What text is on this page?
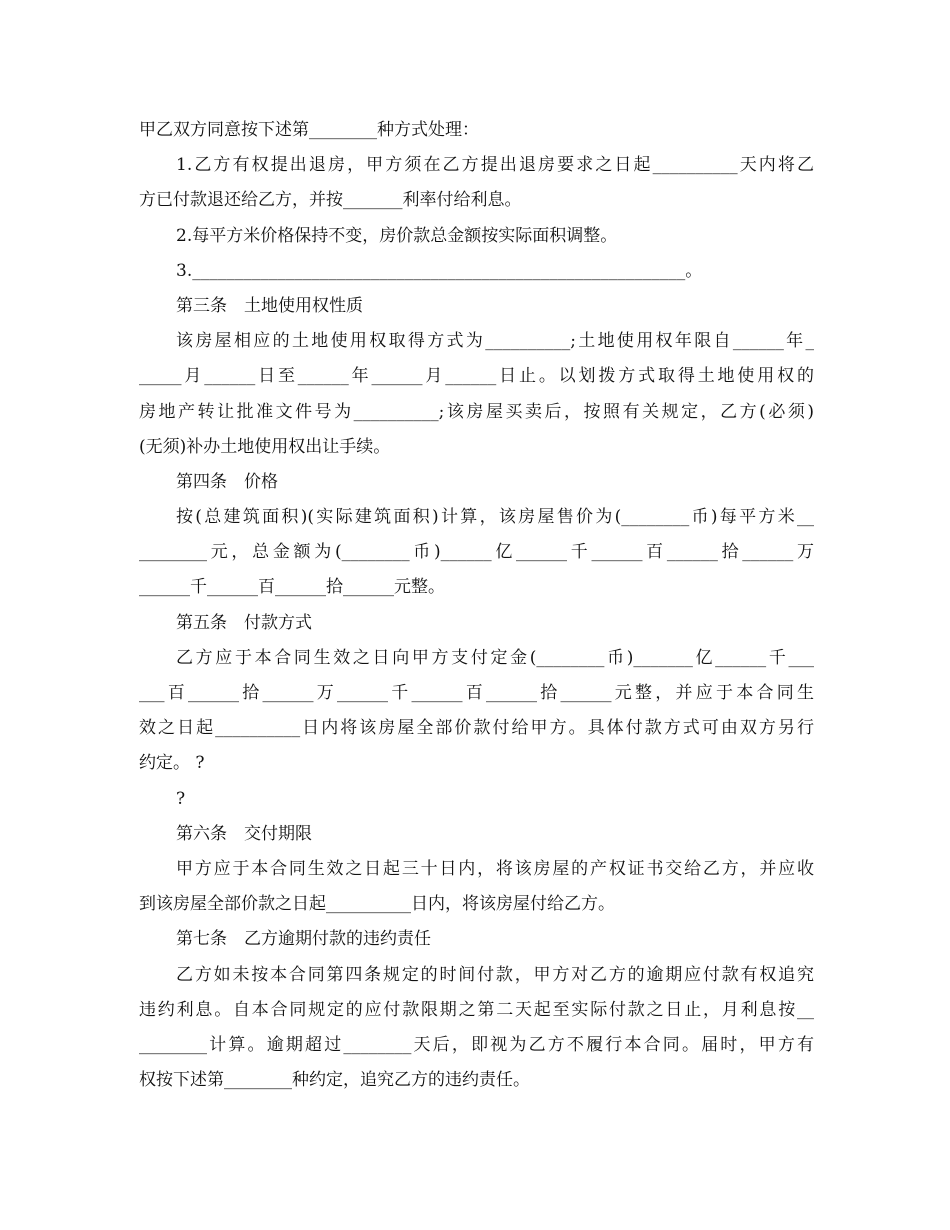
甲乙双方同意按下述第________种方式处理：
1.乙方有权提出退房，甲方须在乙方提出退房要求之日起__________天内将乙
方已付款退还给乙方，并按_______利率付给利息。
2.每平方米价格保持不变，房价款总金额按实际面积调整。
3.__________________________________________________________。
第三条　土地使用权性质
该房屋相应的土地使用权取得方式为__________;土地使用权年限自______年_
_____月______日至______年______月______日止。以划拨方式取得土地使用权的
房地产转让批准文件号为__________;该房屋买卖后，按照有关规定，乙方(必须)
(无须)补办土地使用权出让手续。
第四条　价格
按(总建筑面积)(实际建筑面积)计算，该房屋售价为(________币)每平方米__
________元，总金额为(________币)______亿______千______百______拾______万
______千______百______拾______元整。
第五条　付款方式
乙方应于本合同生效之日向甲方支付定金(________币)_______亿______千___
___百______拾______万______千______百______拾______元整，并应于本合同生
效之日起__________日内将该房屋全部价款付给甲方。具体付款方式可由双方另行
约定。 ?
?
第六条　交付期限
甲方应于本合同生效之日起三十日内，将该房屋的产权证书交给乙方，并应收
到该房屋全部价款之日起__________日内，将该房屋付给乙方。
第七条　乙方逾期付款的违约责任
乙方如未按本合同第四条规定的时间付款，甲方对乙方的逾期应付款有权追究
违约利息。自本合同规定的应付款限期之第二天起至实际付款之日止，月利息按__
________计算。逾期超过________天后，即视为乙方不履行本合同。届时，甲方有
权按下述第________种约定，追究乙方的违约责任。
